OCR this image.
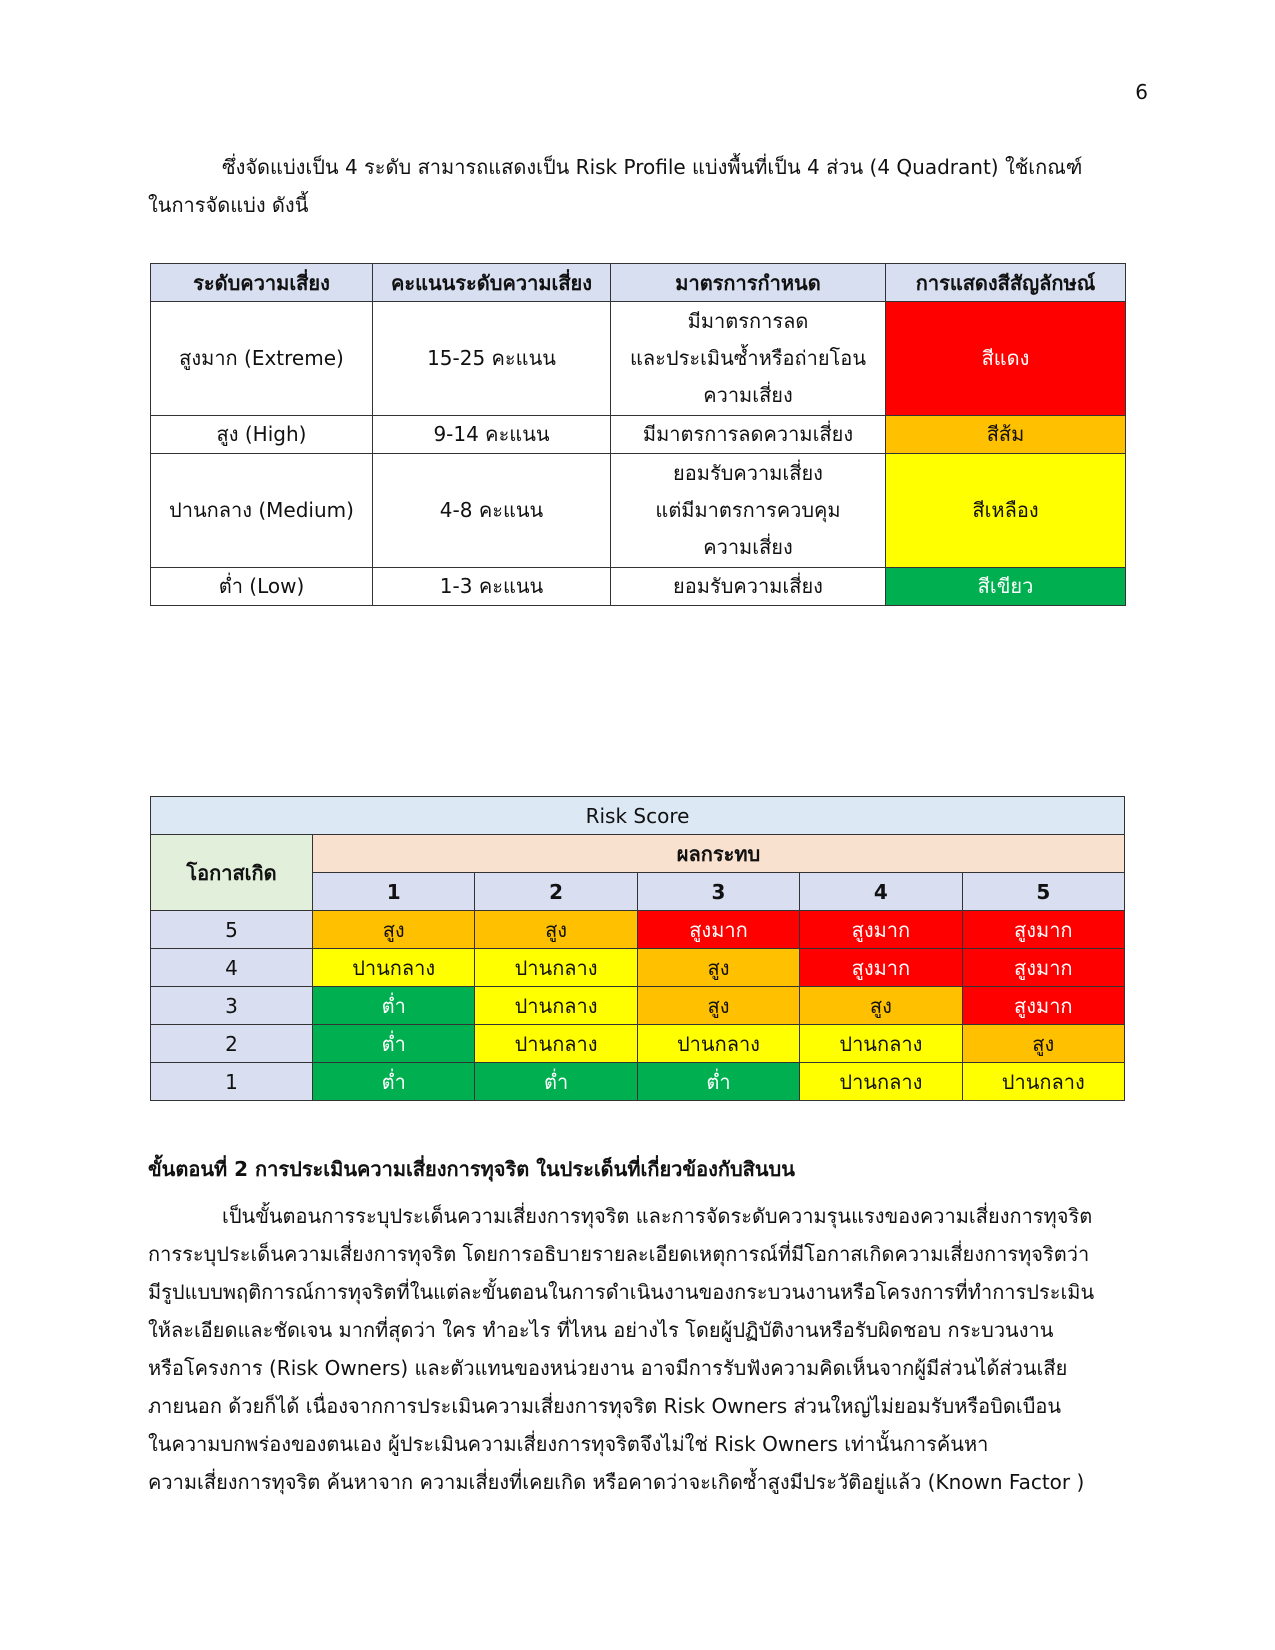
6

ซึ่งจัดแบ่งเป็น 4 ระดับ สามารถแสดงเป็น Risk Profile แบ่งพื้นที่เป็น 4 ส่วน (4 Quadrant) ใช้เกณฑ์
ในการจัดแบ่ง ดังนี้

ระดับความเสี่ยง	คะแนนระดับความเสี่ยง	มาตรการกำหนด	การแสดงสีสัญลักษณ์
สูงมาก (Extreme)	15-25 คะแนน	มีมาตรการลด
และประเมินซ้ำหรือถ่ายโอน
ความเสี่ยง	สีแดง
สูง (High)	9-14 คะแนน	มีมาตรการลดความเสี่ยง	สีส้ม
ปานกลาง (Medium)	4-8 คะแนน	ยอมรับความเสี่ยง
แต่มีมาตรการควบคุม
ความเสี่ยง	สีเหลือง
ต่ำ (Low)	1-3 คะแนน	ยอมรับความเสี่ยง	สีเขียว
Risk Score					
โอกาสเกิด	ผลกระทบ				
	1	2	3	4	5
5	สูง	สูง	สูงมาก	สูงมาก	สูงมาก
4	ปานกลาง	ปานกลาง	สูง	สูงมาก	สูงมาก
3	ต่ำ	ปานกลาง	สูง	สูง	สูงมาก
2	ต่ำ	ปานกลาง	ปานกลาง	ปานกลาง	สูง
1	ต่ำ	ต่ำ	ต่ำ	ปานกลาง	ปานกลาง
ขั้นตอนที่ 2 การประเมินความเสี่ยงการทุจริต ในประเด็นที่เกี่ยวข้องกับสินบน

เป็นขั้นตอนการระบุประเด็นความเสี่ยงการทุจริต และการจัดระดับความรุนแรงของความเสี่ยงการทุจริต
การระบุประเด็นความเสี่ยงการทุจริต โดยการอธิบายรายละเอียดเหตุการณ์ที่มีโอกาสเกิดความเสี่ยงการทุจริตว่า
มีรูปแบบพฤติการณ์การทุจริตที่ในแต่ละขั้นตอนในการดำเนินงานของกระบวนงานหรือโครงการที่ทำการประเมิน
ให้ละเอียดและชัดเจน มากที่สุดว่า ใคร ทำอะไร ที่ไหน อย่างไร โดยผู้ปฏิบัติงานหรือรับผิดชอบ กระบวนงาน
หรือโครงการ (Risk Owners) และตัวแทนของหน่วยงาน อาจมีการรับฟังความคิดเห็นจากผู้มีส่วนได้ส่วนเสีย
ภายนอก ด้วยก็ได้ เนื่องจากการประเมินความเสี่ยงการทุจริต Risk Owners ส่วนใหญ่ไม่ยอมรับหรือบิดเบือน
ในความบกพร่องของตนเอง ผู้ประเมินความเสี่ยงการทุจริตจึงไม่ใช่ Risk Owners เท่านั้นการค้นหา
ความเสี่ยงการทุจริต ค้นหาจาก ความเสี่ยงที่เคยเกิด หรือคาดว่าจะเกิดซ้ำสูงมีประวัติอยู่แล้ว (Known Factor )
